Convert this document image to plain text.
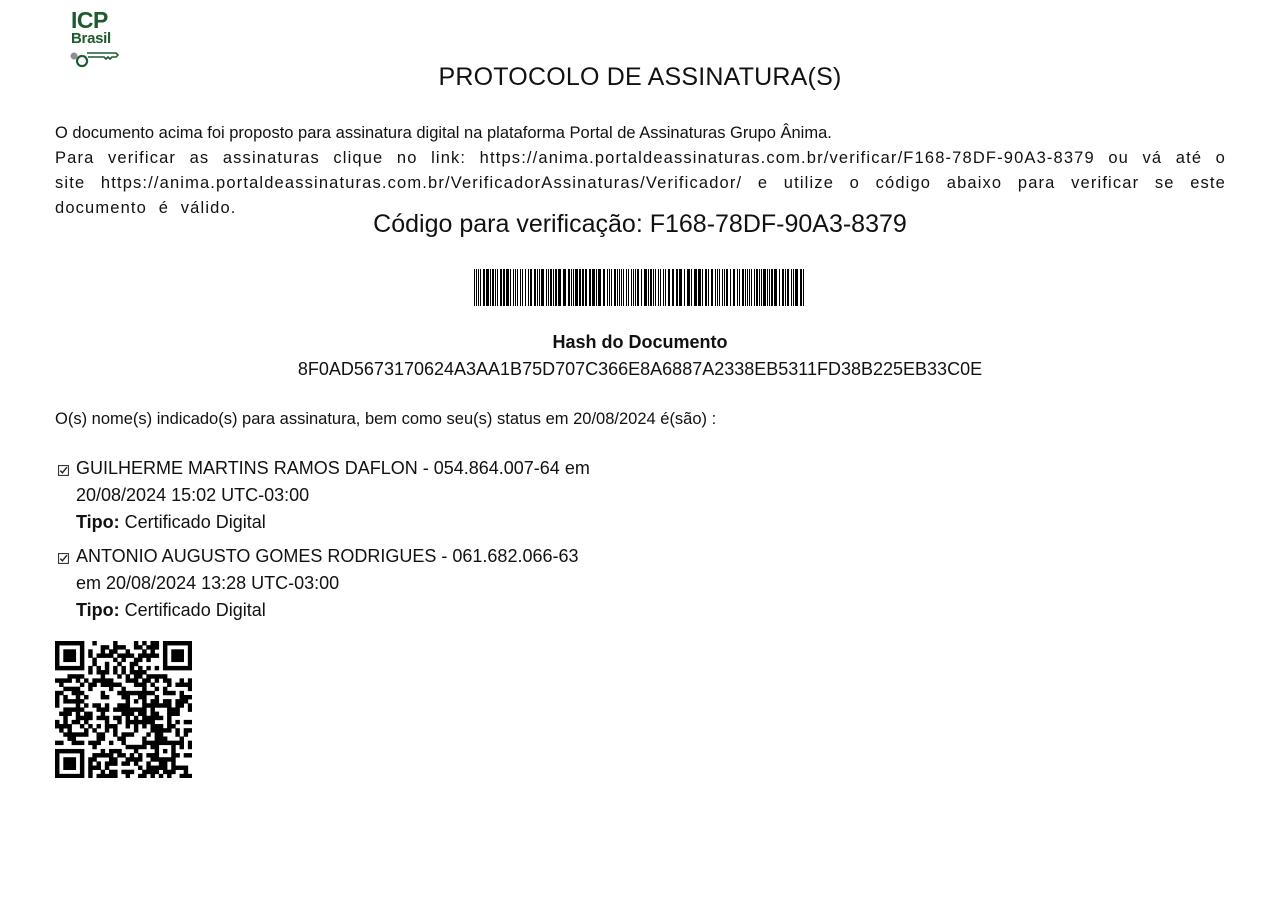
ICP
Brasil
PROTOCOLO DE ASSINATURA(S)

O documento acima foi proposto para assinatura digital na plataforma Portal de Assinaturas Grupo Ânima.

Para verificar as assinaturas clique no link: https://anima.portaldeassinaturas.com.br/verificar/F168-78DF-90A3-8379 ou vá até o site https://anima.portaldeassinaturas.com.br/VerificadorAssinaturas/Verificador/ e utilize o código abaixo para verificar se este documento é válido.

Código para verificação: F168-78DF-90A3-8379
Hash do Documento
8F0AD5673170624A3AA1B75D707C366E8A6887A2338EB5311FD38B225EB33C0E
O(s) nome(s) indicado(s) para assinatura, bem como seu(s) status em 20/08/2024 é(são) :
GUILHERME MARTINS RAMOS DAFLON - 054.864.007-64 em
20/08/2024 15:02 UTC-03:00
Tipo: Certificado Digital
ANTONIO AUGUSTO GOMES RODRIGUES - 061.682.066-63
em 20/08/2024 13:28 UTC-03:00
Tipo: Certificado Digital
